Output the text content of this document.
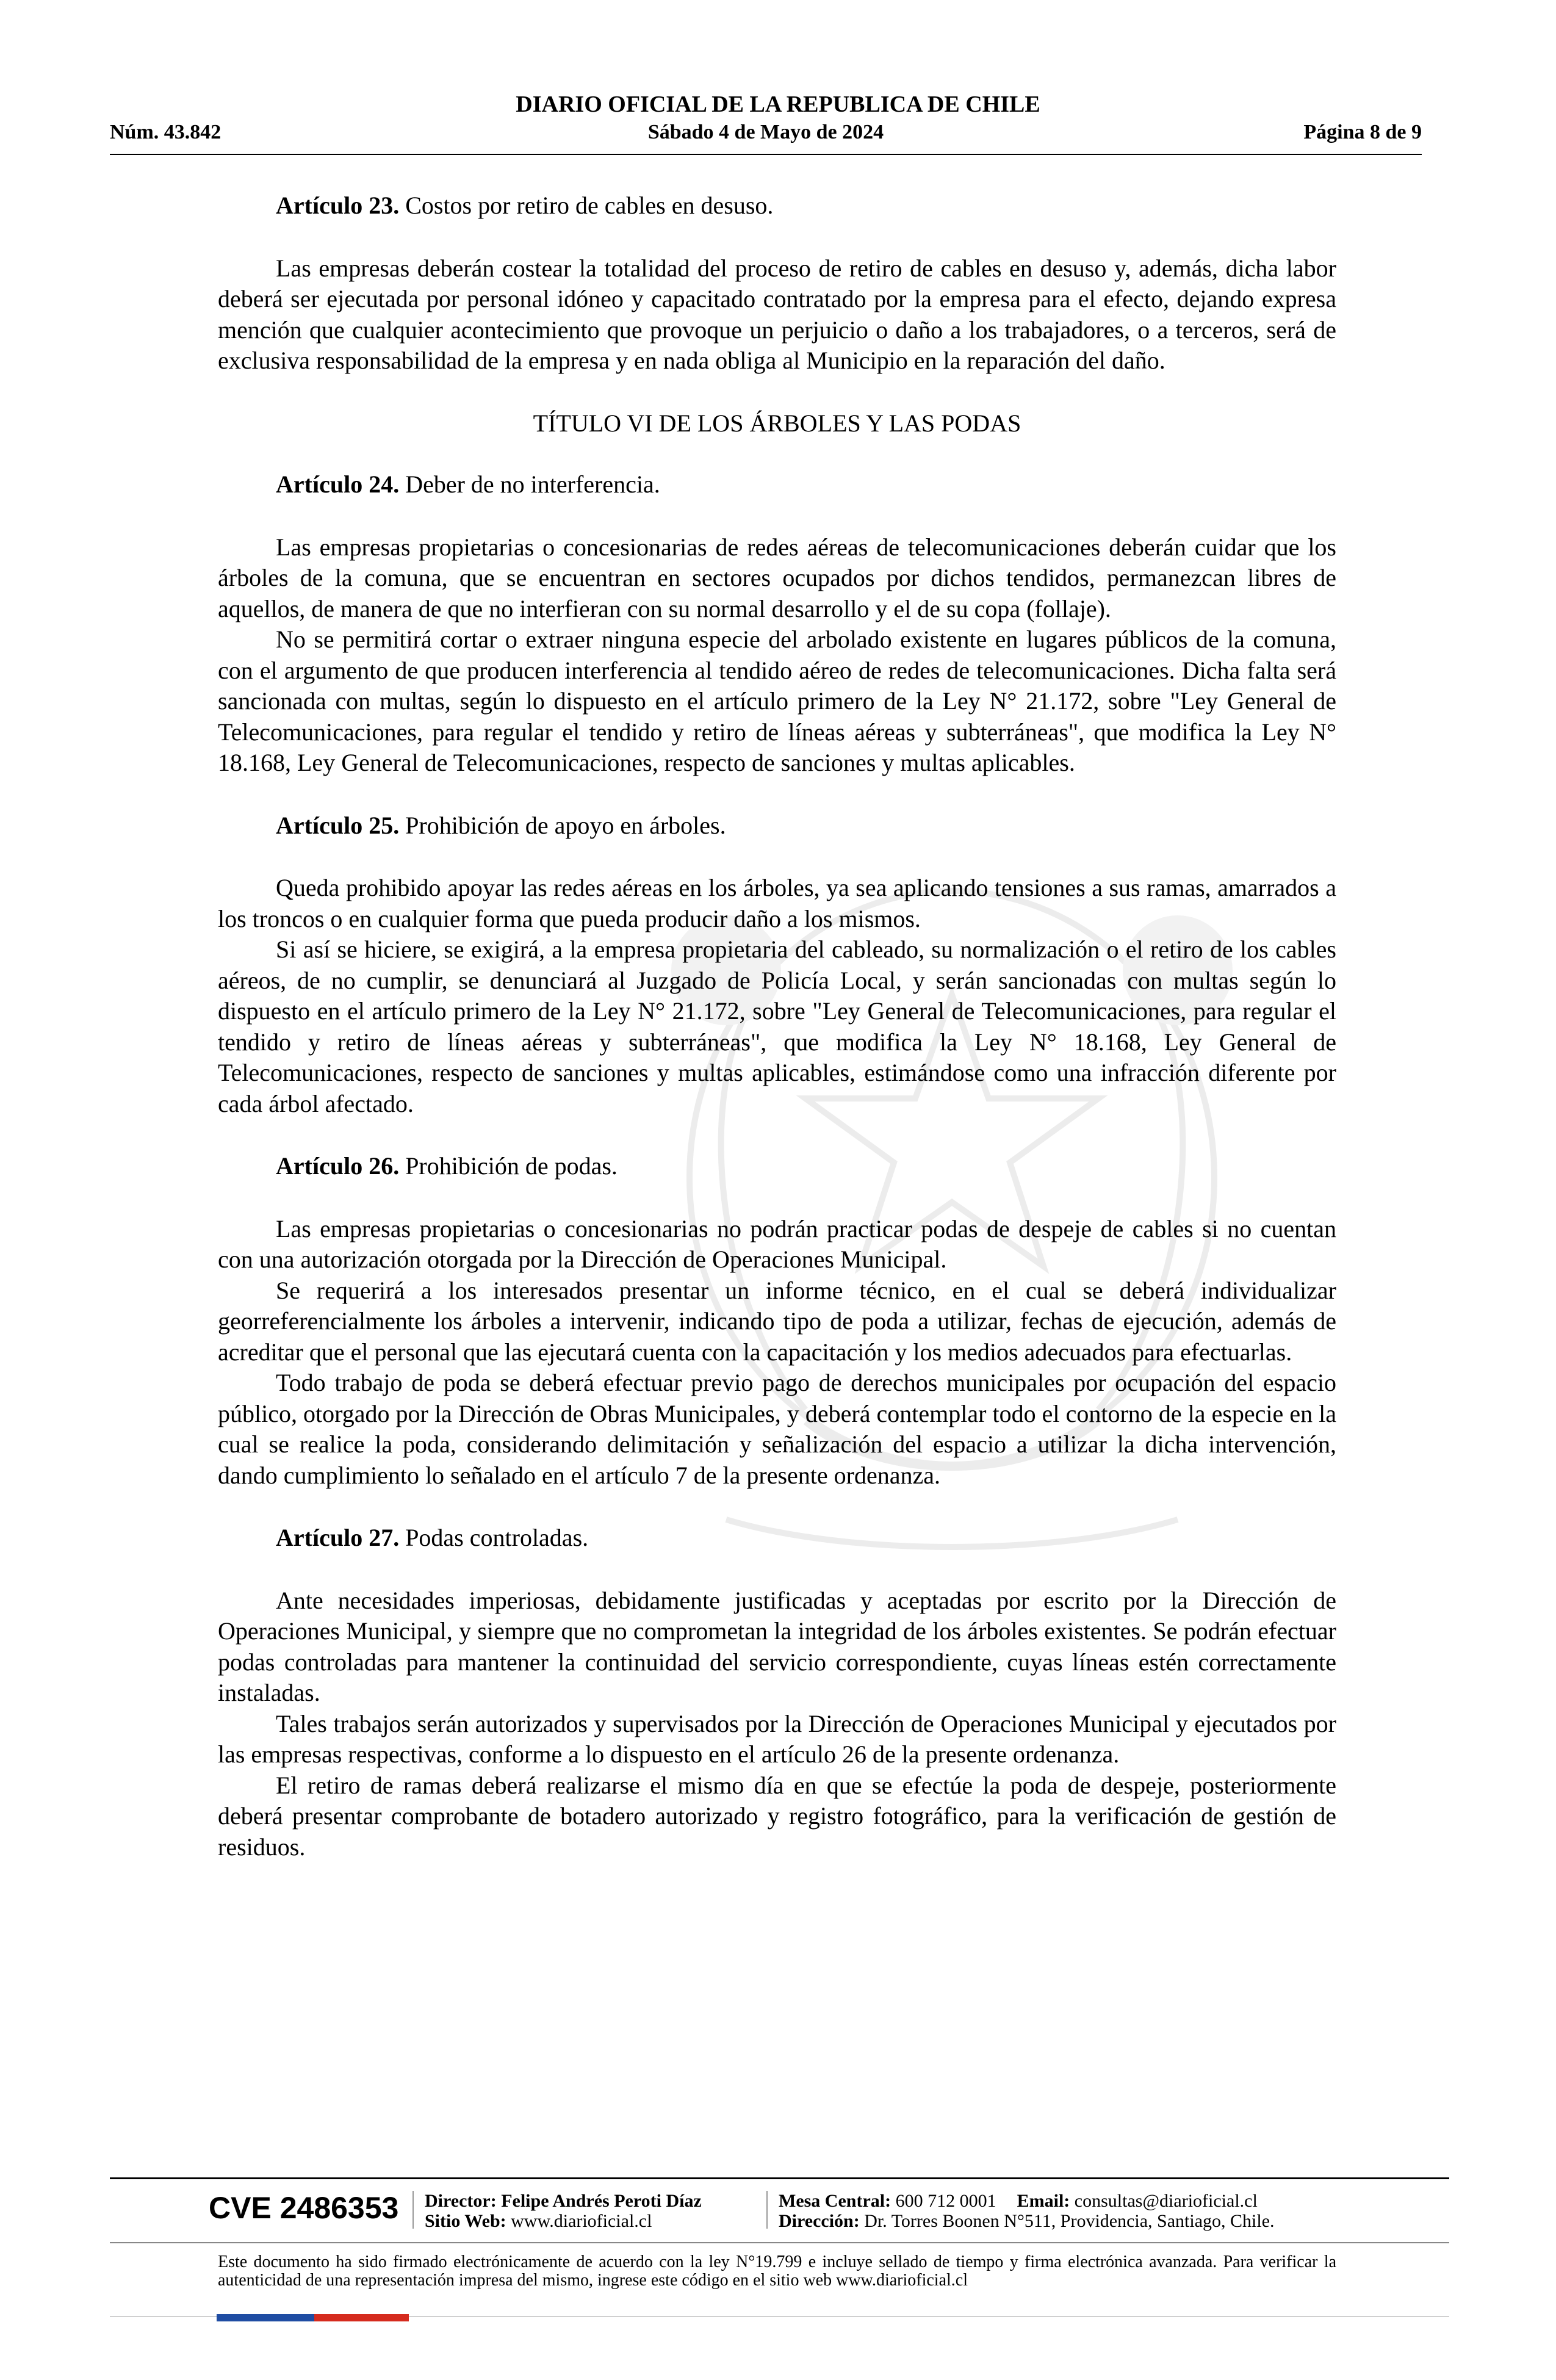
DIARIO OFICIAL DE LA REPUBLICA DE CHILE
Núm. 43.842	Sábado 4 de Mayo de 2024	Página 8 de 9

Artículo 23. Costos por retiro de cables en desuso.

Las empresas deberán costear la totalidad del proceso de retiro de cables en desuso y, además, dicha labor deberá ser ejecutada por personal idóneo y capacitado contratado por la empresa para el efecto, dejando expresa mención que cualquier acontecimiento que provoque un perjuicio o daño a los trabajadores, o a terceros, será de exclusiva responsabilidad de la empresa y en nada obliga al Municipio en la reparación del daño.

TÍTULO VI DE LOS ÁRBOLES Y LAS PODAS

Artículo 24. Deber de no interferencia.

Las empresas propietarias o concesionarias de redes aéreas de telecomunicaciones deberán cuidar que los árboles de la comuna, que se encuentran en sectores ocupados por dichos tendidos, permanezcan libres de aquellos, de manera de que no interfieran con su normal desarrollo y el de su copa (follaje).

No se permitirá cortar o extraer ninguna especie del arbolado existente en lugares públicos de la comuna, con el argumento de que producen interferencia al tendido aéreo de redes de telecomunicaciones. Dicha falta será sancionada con multas, según lo dispuesto en el artículo primero de la Ley N° 21.172, sobre "Ley General de Telecomunicaciones, para regular el tendido y retiro de líneas aéreas y subterráneas", que modifica la Ley N° 18.168, Ley General de Telecomunicaciones, respecto de sanciones y multas aplicables.

Artículo 25. Prohibición de apoyo en árboles.

Queda prohibido apoyar las redes aéreas en los árboles, ya sea aplicando tensiones a sus ramas, amarrados a los troncos o en cualquier forma que pueda producir daño a los mismos.

Si así se hiciere, se exigirá, a la empresa propietaria del cableado, su normalización o el retiro de los cables aéreos, de no cumplir, se denunciará al Juzgado de Policía Local, y serán sancionadas con multas según lo dispuesto en el artículo primero de la Ley N° 21.172, sobre "Ley General de Telecomunicaciones, para regular el tendido y retiro de líneas aéreas y subterráneas", que modifica la Ley N° 18.168, Ley General de Telecomunicaciones, respecto de sanciones y multas aplicables, estimándose como una infracción diferente por cada árbol afectado.

Artículo 26. Prohibición de podas.

Las empresas propietarias o concesionarias no podrán practicar podas de despeje de cables si no cuentan con una autorización otorgada por la Dirección de Operaciones Municipal.

Se requerirá a los interesados presentar un informe técnico, en el cual se deberá individualizar georreferencialmente los árboles a intervenir, indicando tipo de poda a utilizar, fechas de ejecución, además de acreditar que el personal que las ejecutará cuenta con la capacitación y los medios adecuados para efectuarlas.

Todo trabajo de poda se deberá efectuar previo pago de derechos municipales por ocupación del espacio público, otorgado por la Dirección de Obras Municipales, y deberá contemplar todo el contorno de la especie en la cual se realice la poda, considerando delimitación y señalización del espacio a utilizar la dicha intervención, dando cumplimiento lo señalado en el artículo 7 de la presente ordenanza.

Artículo 27. Podas controladas.

Ante necesidades imperiosas, debidamente justificadas y aceptadas por escrito por la Dirección de Operaciones Municipal, y siempre que no comprometan la integridad de los árboles existentes. Se podrán efectuar podas controladas para mantener la continuidad del servicio correspondiente, cuyas líneas estén correctamente instaladas.

Tales trabajos serán autorizados y supervisados por la Dirección de Operaciones Municipal y ejecutados por las empresas respectivas, conforme a lo dispuesto en el artículo 26 de la presente ordenanza.

El retiro de ramas deberá realizarse el mismo día en que se efectúe la poda de despeje, posteriormente deberá presentar comprobante de botadero autorizado y registro fotográfico, para la verificación de gestión de residuos.

CVE 2486353 Director: Felipe Andrés Peroti Díaz
Sitio Web: www.diarioficial.cl
Mesa Central: 600 712 0001 Email: consultas@diarioficial.cl
Dirección: Dr. Torres Boonen N°511, Providencia, Santiago, Chile.
Este documento ha sido firmado electrónicamente de acuerdo con la ley N°19.799 e incluye sellado de tiempo y firma electrónica avanzada. Para verificar la autenticidad de una representación impresa del mismo, ingrese este código en el sitio web www.diarioficial.cl
